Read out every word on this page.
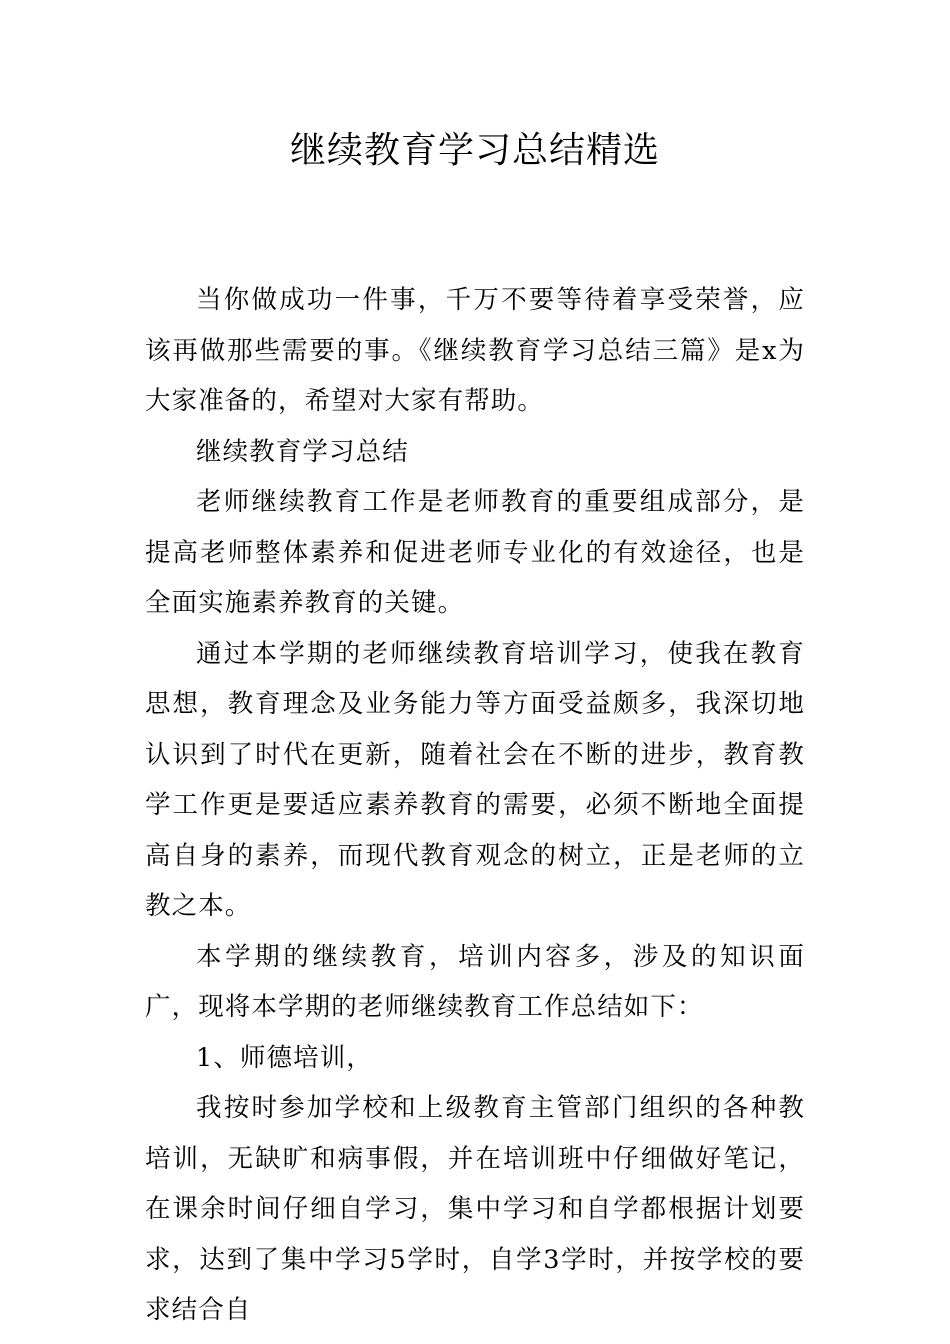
继续教育学习总结精选

当你做成功一件事，千万不要等待着享受荣誉，应该再做那些需要的事。《继续教育学习总结三篇》是x为大家准备的，希望对大家有帮助。

继续教育学习总结

老师继续教育工作是老师教育的重要组成部分，是提高老师整体素养和促进老师专业化的有效途径，也是全面实施素养教育的关键。

通过本学期的老师继续教育培训学习，使我在教育思想，教育理念及业务能力等方面受益颇多，我深切地认识到了时代在更新，随着社会在不断的进步，教育教学工作更是要适应素养教育的需要，必须不断地全面提高自身的素养，而现代教育观念的树立，正是老师的立教之本。

本学期的继续教育，培训内容多，涉及的知识面广，现将本学期的老师继续教育工作总结如下：

1、师德培训，

我按时参加学校和上级教育主管部门组织的各种教培训，无缺旷和病事假，并在培训班中仔细做好笔记，在课余时间仔细自学习，集中学习和自学都根据计划要求，达到了集中学习5学时，自学3学时，并按学校的要求结合自
